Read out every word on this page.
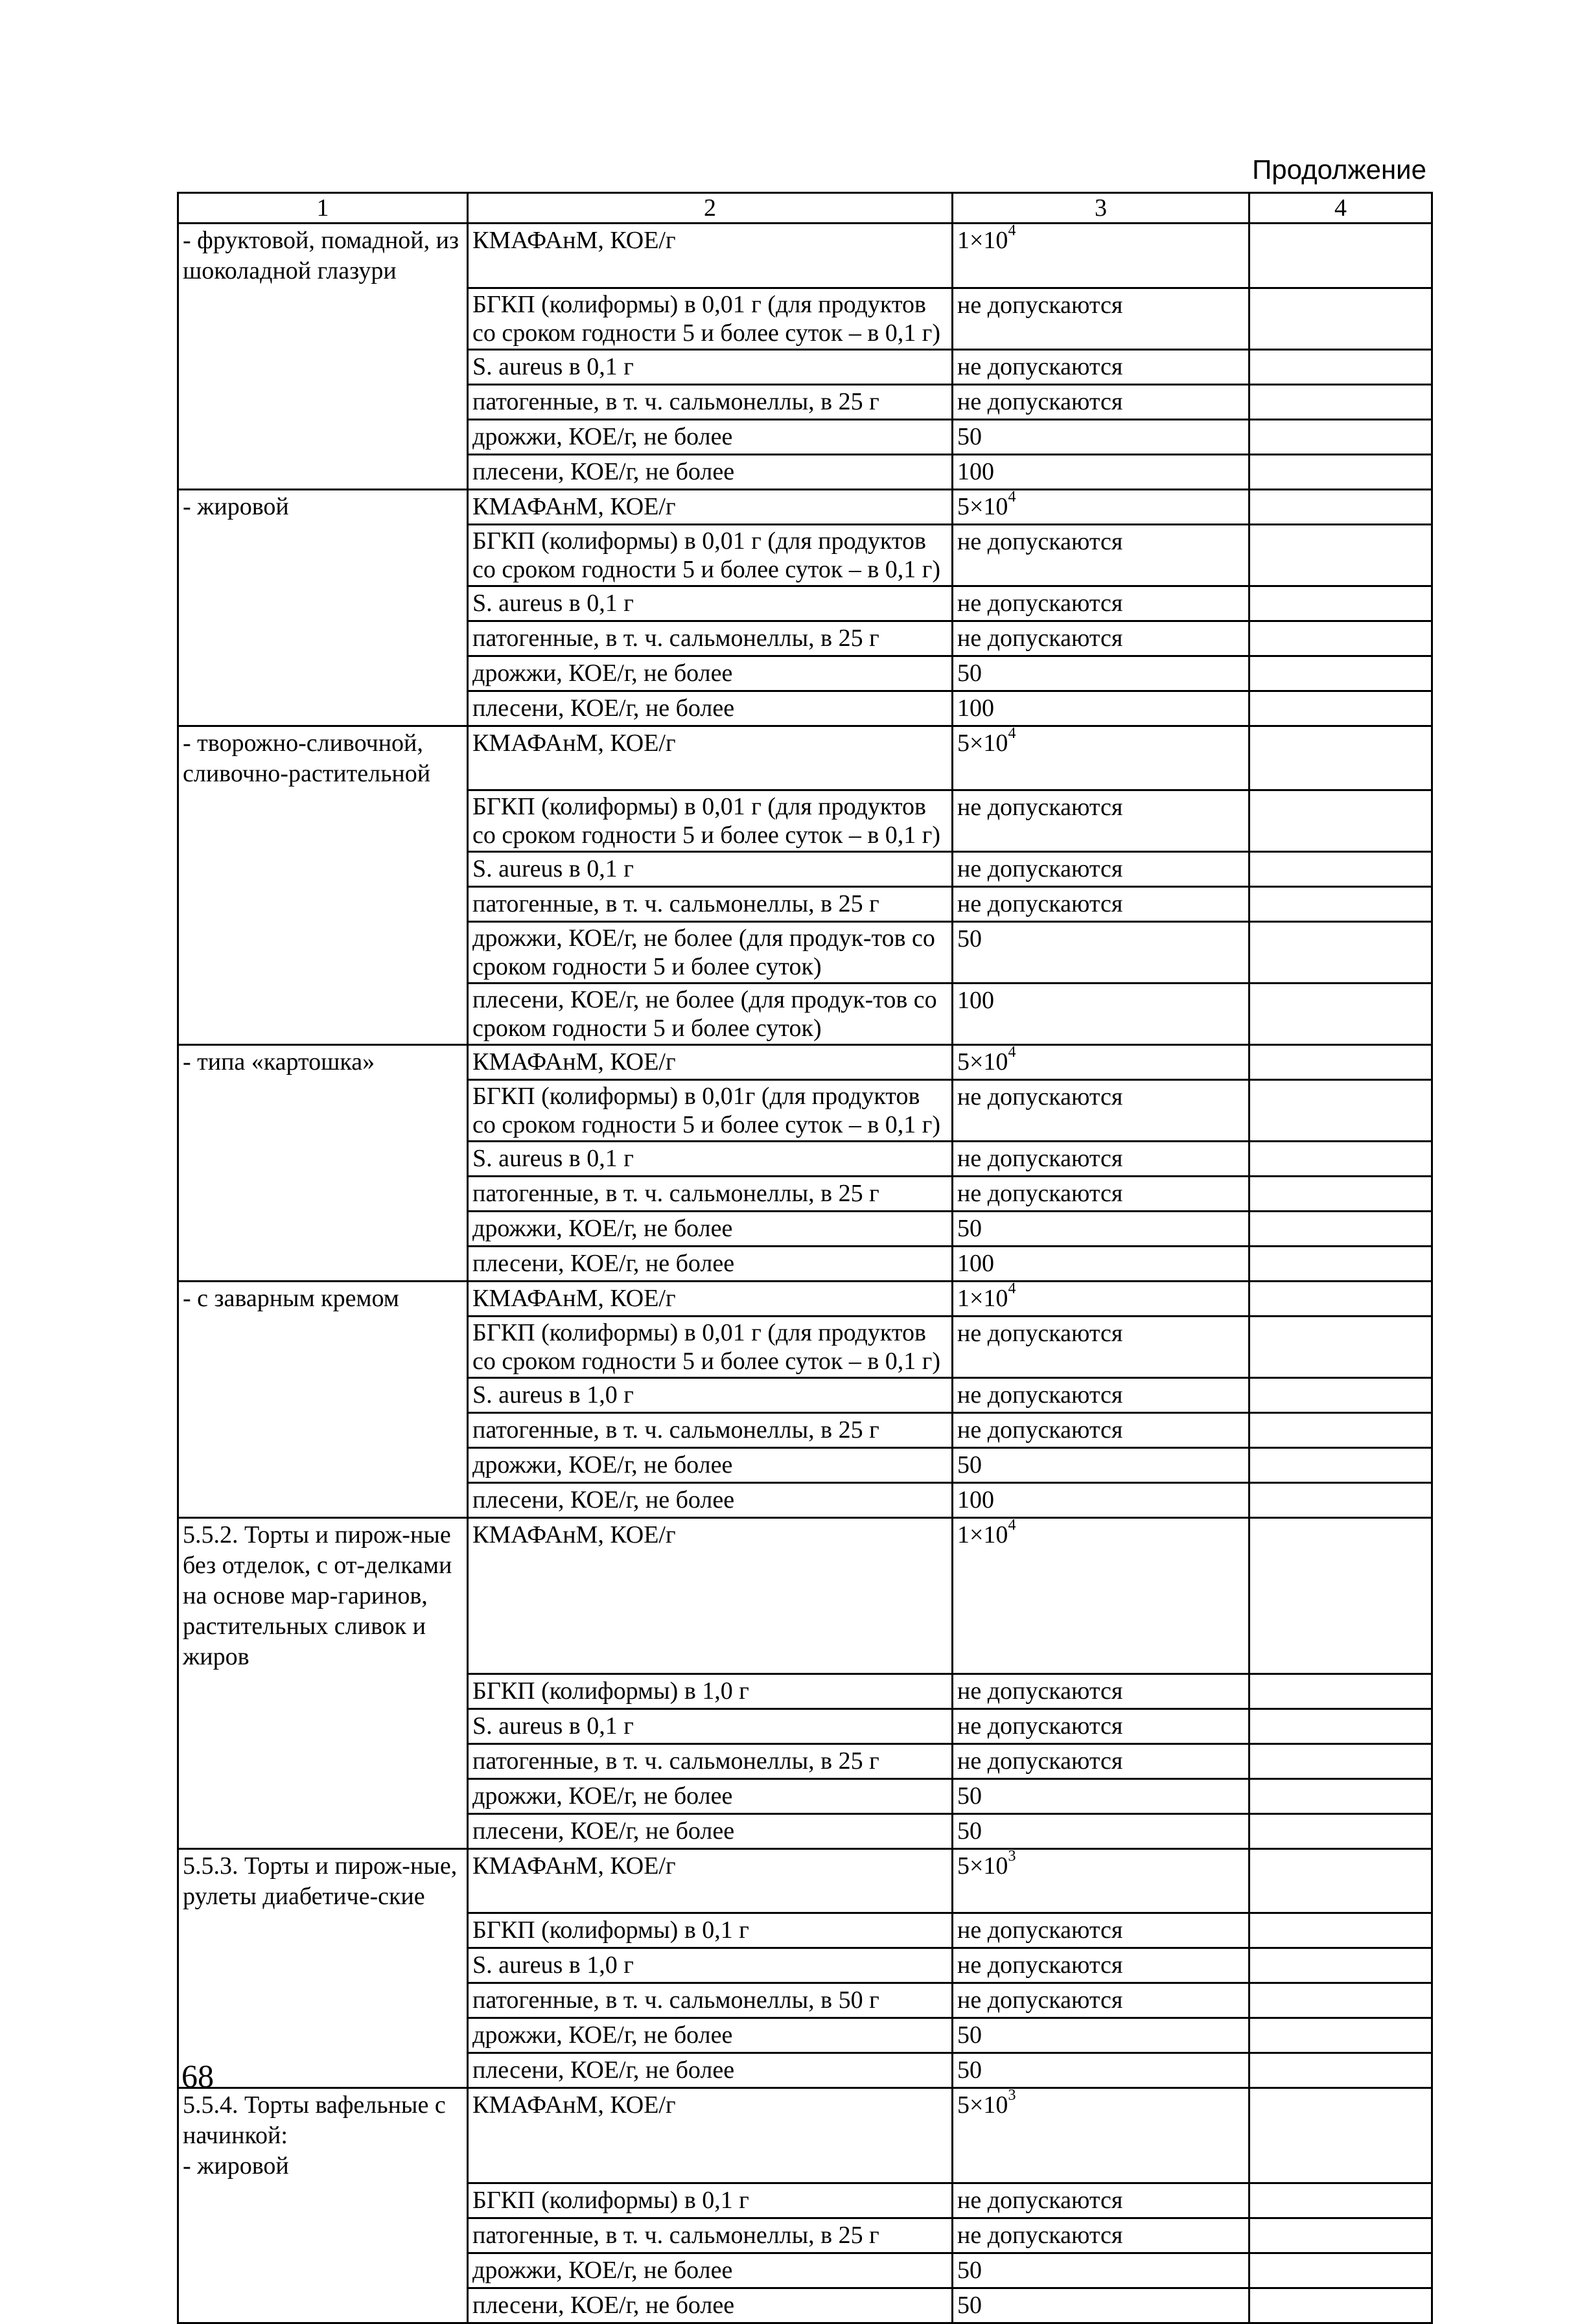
Продолжение
1	2	3	4
- фруктовой, помадной, из шоколадной глазури	КМАФАнМ, КОЕ/г	$1\times 10^4$	
	БГКП (колиформы) в 0,01 г (для продуктов со сроком годности 5 и более суток – в 0,1 г)	не допускаются	
	S. aureus в 0,1 г	не допускаются	
	патогенные, в т. ч. сальмонеллы, в 25 г	не допускаются	
	дрожжи, КОЕ/г, не более	50	
	плесени, КОЕ/г, не более	100	
- жировой	КМАФАнМ, КОЕ/г	$5\times 10^4$	
	БГКП (колиформы) в 0,01 г (для продуктов со сроком годности 5 и более суток – в 0,1 г)	не допускаются	
	S. aureus в 0,1 г	не допускаются	
	патогенные, в т. ч. сальмонеллы, в 25 г	не допускаются	
	дрожжи, КОЕ/г, не более	50	
	плесени, КОЕ/г, не более	100	
- творожно-сливочной, сливочно-растительной	КМАФАнМ, КОЕ/г	$5\times 10^4$	
	БГКП (колиформы) в 0,01 г (для продуктов со сроком годности 5 и более суток – в 0,1 г)	не допускаются	
	S. aureus в 0,1 г	не допускаются	
	патогенные, в т. ч. сальмонеллы, в 25 г	не допускаются	
	дрожжи, КОЕ/г, не более (для продук-тов со сроком годности 5 и более суток)	50	
	плесени, КОЕ/г, не более (для продук-тов со сроком годности 5 и более суток)	100	
- типа «картошка»	КМАФАнМ, КОЕ/г	$5\times 10^4$	
	БГКП (колиформы) в 0,01г (для продуктов со сроком годности 5 и более суток – в 0,1 г)	не допускаются	
	S. aureus в 0,1 г	не допускаются	
	патогенные, в т. ч. сальмонеллы, в 25 г	не допускаются	
	дрожжи, КОЕ/г, не более	50	
	плесени, КОЕ/г, не более	100	
- с заварным кремом	КМАФАнМ, КОЕ/г	$1\times 10^4$	
	БГКП (колиформы) в 0,01 г (для продуктов со сроком годности 5 и более суток – в 0,1 г)	не допускаются	
	S. aureus в 1,0 г	не допускаются	
	патогенные, в т. ч. сальмонеллы, в 25 г	не допускаются	
	дрожжи, КОЕ/г, не более	50	
	плесени, КОЕ/г, не более	100	
5.5.2. Торты и пирож-ные без отделок, с от-делками на основе мар-гаринов, растительных сливок и жиров	КМАФАнМ, КОЕ/г	$1\times 10^4$	
	БГКП (колиформы) в 1,0 г	не допускаются	
	S. aureus в 0,1 г	не допускаются	
	патогенные, в т. ч. сальмонеллы, в 25 г	не допускаются	
	дрожжи, КОЕ/г, не более	50	
	плесени, КОЕ/г, не более	50	
5.5.3. Торты и пирож-ные, рулеты диабетиче-ские	КМАФАнМ, КОЕ/г	$5\times 10^3$	
	БГКП (колиформы) в 0,1 г	не допускаются	
	S. aureus в 1,0 г	не допускаются	
	патогенные, в т. ч. сальмонеллы, в 50 г	не допускаются	
	дрожжи, КОЕ/г, не более	50	
	плесени, КОЕ/г, не более	50	
5.5.4. Торты вафельные с начинкой:
- жировой	КМАФАнМ, КОЕ/г	$5\times 10^3$	
	БГКП (колиформы) в 0,1 г	не допускаются	
	патогенные, в т. ч. сальмонеллы, в 25 г	не допускаются	
	дрожжи, КОЕ/г, не более	50	
	плесени, КОЕ/г, не более	50	
68
